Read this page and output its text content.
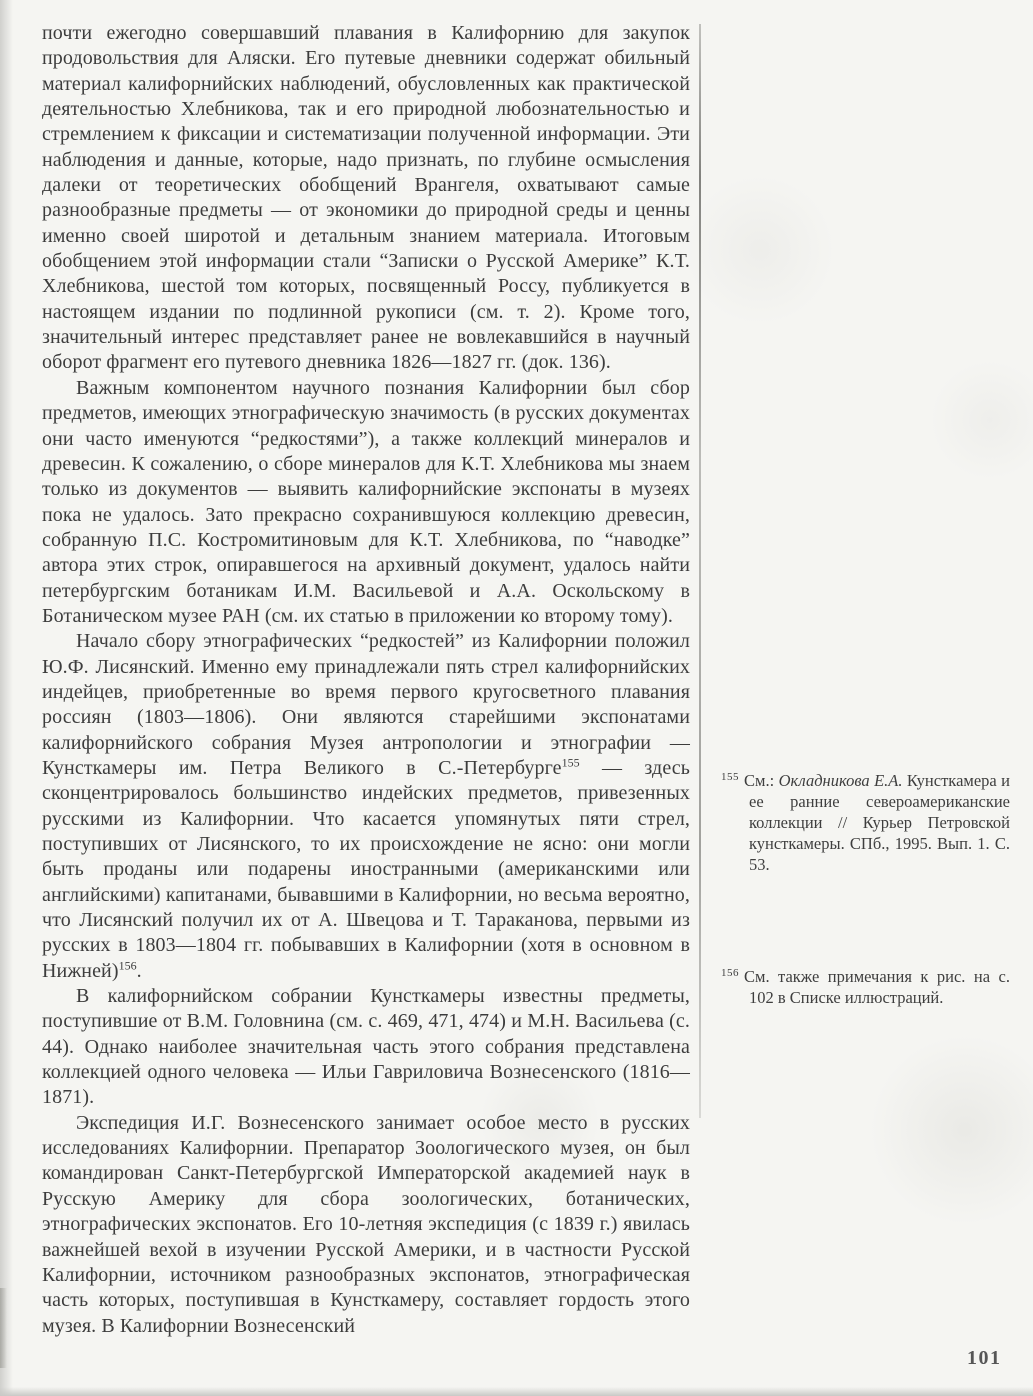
почти ежегодно совершавший плавания в Калифорнию для закупок продовольствия для Аляски. Его путевые дневники содержат обильный материал калифорнийских наблюдений, обусловленных как практической деятельностью Хлебникова, так и его природной любознательностью и стремлением к фиксации и систематизации полученной информации. Эти наблюдения и данные, которые, надо признать, по глубине осмысления далеки от теоретических обобщений Врангеля, охватывают самые разнообразные предметы — от экономики до природной среды и ценны именно своей широтой и детальным знанием материала. Итоговым обобщением этой информации стали “Записки о Русской Америке” К.Т. Хлебникова, шестой том которых, посвященный Россу, публикуется в настоящем издании по подлинной рукописи (см. т. 2). Кроме того, значительный интерес представляет ранее не вовлекавшийся в научный оборот фрагмент его путевого дневника 1826—1827 гг. (док. 136).

Важным компонентом научного познания Калифорнии был сбор предметов, имеющих этнографическую значимость (в русских документах они часто именуются “редкостями”), а также коллекций минералов и древесин. К сожалению, о сборе минералов для К.Т. Хлебникова мы знаем только из документов — выявить калифорнийские экспонаты в музеях пока не удалось. Зато прекрасно сохранившуюся коллекцию древесин, собранную П.С. Костромитиновым для К.Т. Хлебникова, по “наводке” автора этих строк, опиравшегося на архивный документ, удалось найти петербургским ботаникам И.М. Васильевой и А.А. Оскольскому в Ботаническом музее РАН (см. их статью в приложении ко второму тому).

Начало сбору этнографических “редкостей” из Калифорнии положил Ю.Ф. Лисянский. Именно ему принадлежали пять стрел калифорнийских индейцев, приобретенные во время первого кругосветного плавания россиян (1803—1806). Они являются старейшими экспонатами калифорнийского собрания Музея антропологии и этнографии — Кунсткамеры им. Петра Великого в С.-Петербурге$^{155}$ — здесь сконцентрировалось большинство индейских предметов, привезенных русскими из Калифорнии. Что касается упомянутых пяти стрел, поступивших от Лисянского, то их происхождение не ясно: они могли быть проданы или подарены иностранными (американскими или английскими) капитанами, бывавшими в Калифорнии, но весьма вероятно, что Лисянский получил их от А. Швецова и Т. Тараканова, первыми из русских в 1803—1804 гг. побывавших в Калифорнии (хотя в основном в Нижней)$^{156}$.

В калифорнийском собрании Кунсткамеры известны предметы, поступившие от В.М. Головнина (см. с. 469, 471, 474) и М.Н. Васильева (с. 44). Однако наиболее значительная часть этого собрания представлена коллекцией одного человека — Ильи Гавриловича Вознесенского (1816—1871).

Экспедиция И.Г. Вознесенского занимает особое место в русских исследованиях Калифорнии. Препаратор Зоологического музея, он был командирован Санкт-Петербургской Императорской академией наук в Русскую Америку для сбора зоологических, ботанических, этнографических экспонатов. Его 10-летняя экспедиция (с 1839 г.) явилась важнейшей вехой в изучении Русской Америки, и в частности Русской Калифорнии, источником разнообразных экспонатов, этнографическая часть которых, поступившая в Кунсткамеру, составляет гордость этого музея. В Калифорнии Вознесенский

$^{155}$ См.: Окладникова Е.А. Кунсткамера и ее ранние североамериканские коллекции // Курьер Петровской кунсткамеры. СПб., 1995. Вып. 1. С. 53.
$^{156}$ См. также примечания к рис. на с. 102 в Списке иллюстраций.
101
